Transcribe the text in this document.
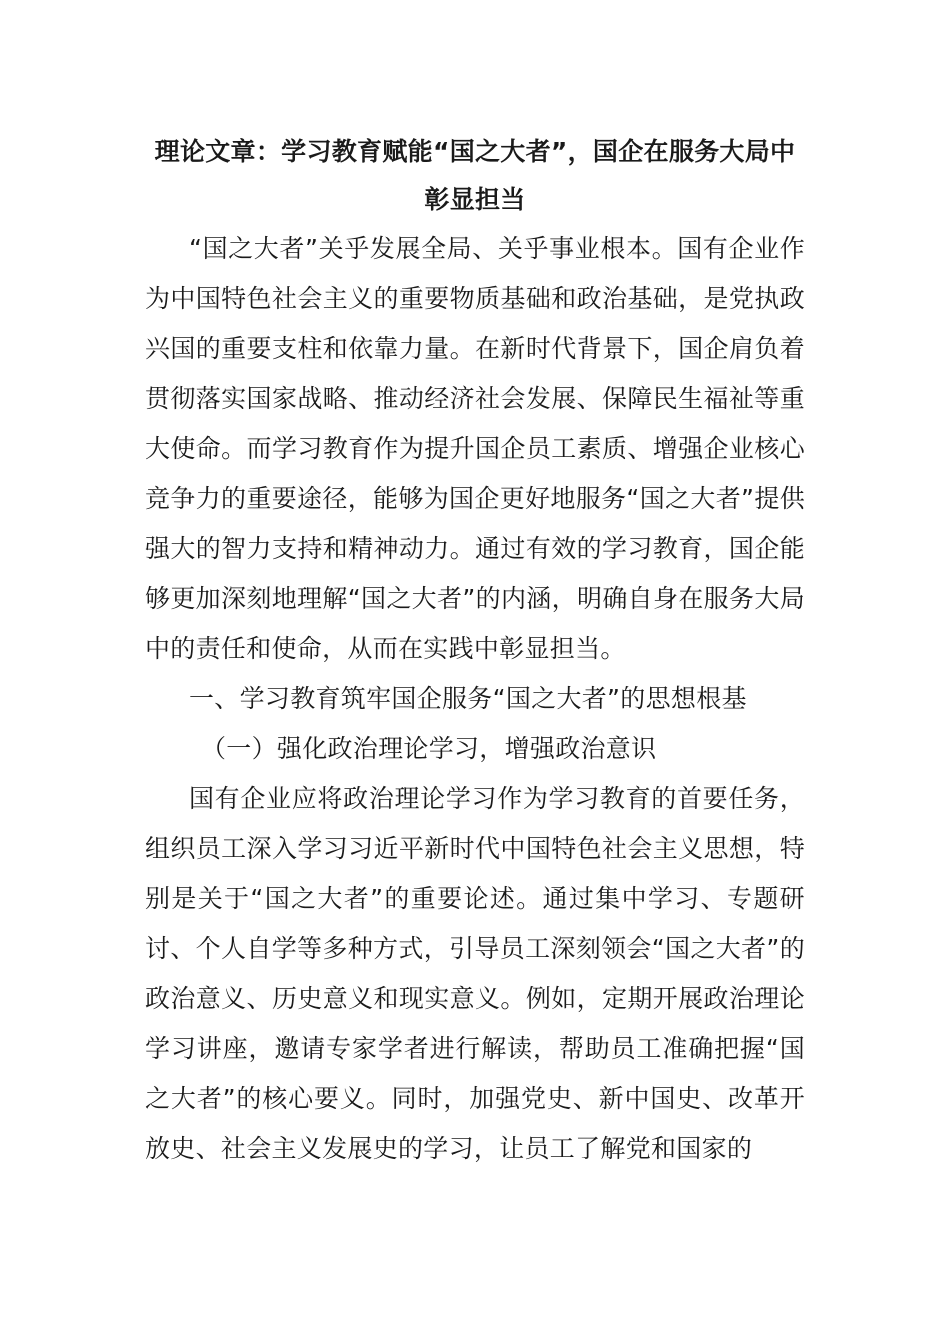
理论文章：学习教育赋能“国之大者”，国企在服务大局中彰显担当

“国之大者”关乎发展全局、关乎事业根本。国有企业作为中国特色社会主义的重要物质基础和政治基础，是党执政兴国的重要支柱和依靠力量。在新时代背景下，国企肩负着贯彻落实国家战略、推动经济社会发展、保障民生福祉等重大使命。而学习教育作为提升国企员工素质、增强企业核心竞争力的重要途径，能够为国企更好地服务“国之大者”提供强大的智力支持和精神动力。通过有效的学习教育，国企能够更加深刻地理解“国之大者”的内涵，明确自身在服务大局中的责任和使命，从而在实践中彰显担当。

一、学习教育筑牢国企服务“国之大者”的思想根基

（一）强化政治理论学习，增强政治意识

国有企业应将政治理论学习作为学习教育的首要任务，组织员工深入学习习近平新时代中国特色社会主义思想，特别是关于“国之大者”的重要论述。通过集中学习、专题研讨、个人自学等多种方式，引导员工深刻领会“国之大者”的政治意义、历史意义和现实意义。例如，定期开展政治理论学习讲座，邀请专家学者进行解读，帮助员工准确把握“国之大者”的核心要义。同时，加强党史、新中国史、改革开放史、社会主义发展史的学习，让员工了解党和国家的
